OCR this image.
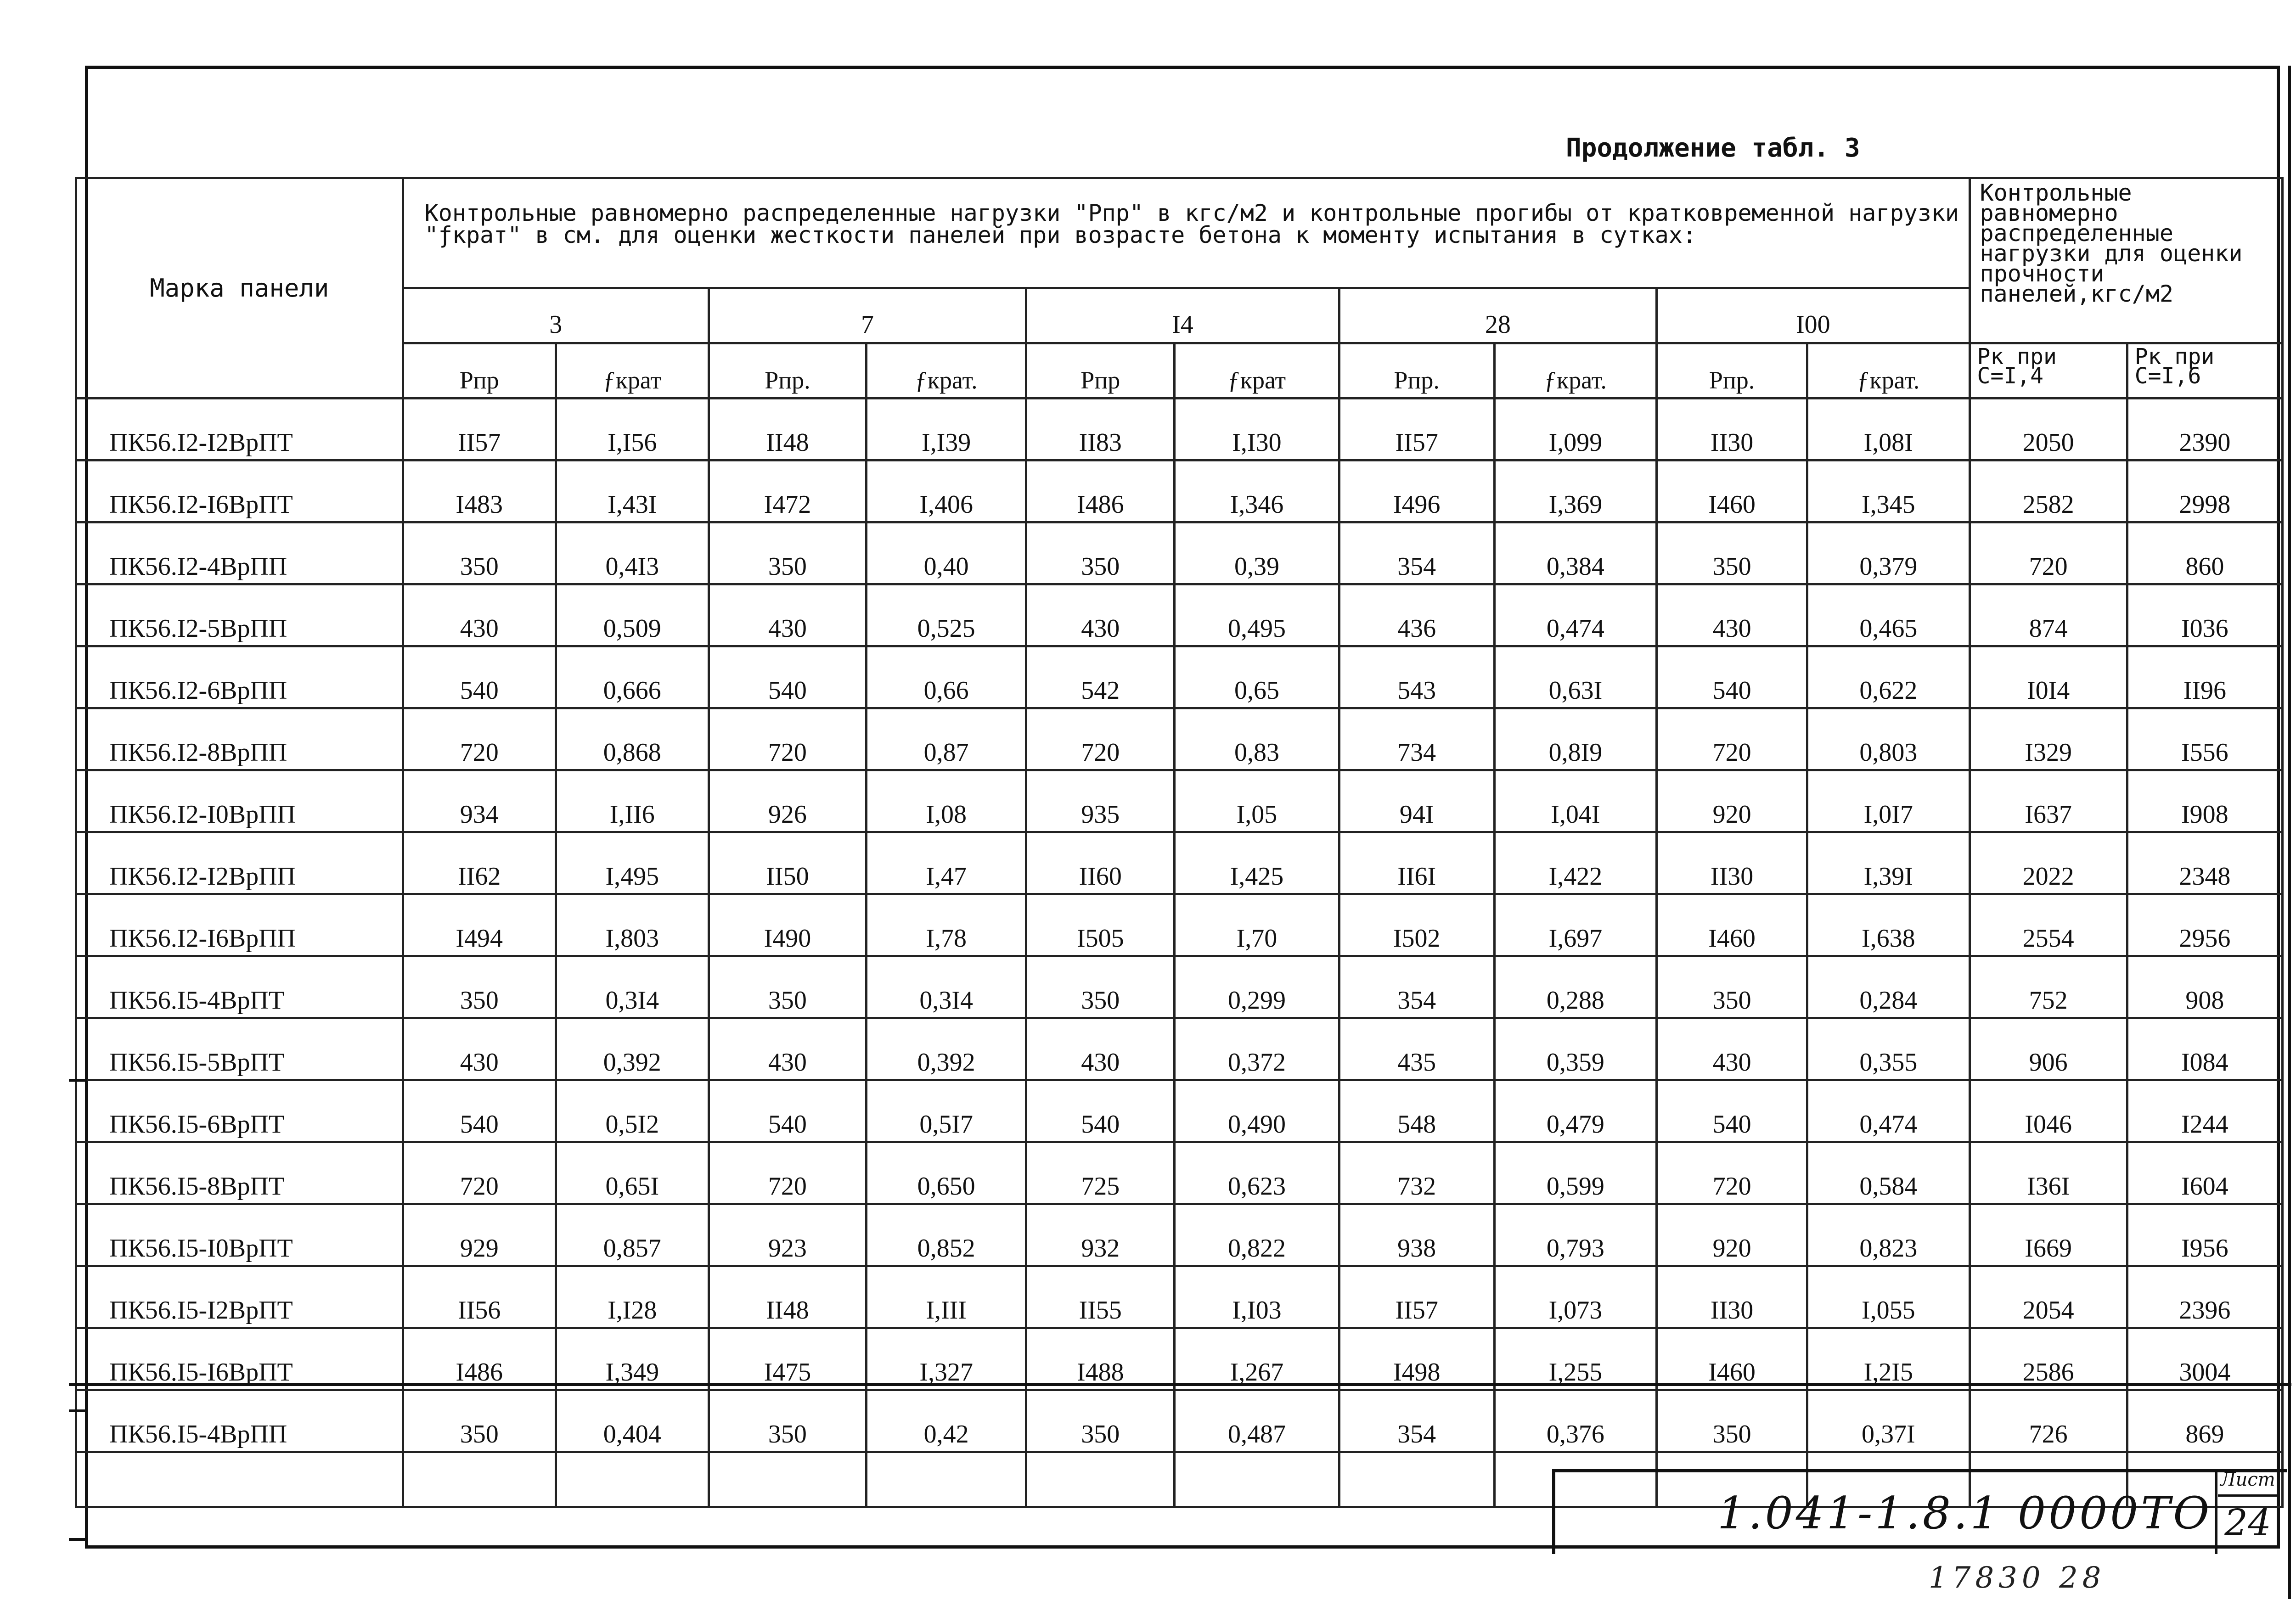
Продолжение табл. 3
Марка панели	Контрольные равномерно распределенные нагрузки "Рпр" в кгс/м2 и контрольные прогибы от кратковременной нагрузки "ƒкрат" в см. для оценки жесткости панелей при возрасте бетона к моменту испытания в сутках:										Контрольные равномерно распределенные нагрузки для оценки прочности панелей,кгс/м2	
	3		7		I4		28		I00			
	Рпр	ƒкрат	Рпр.	ƒкрат.	Рпр	ƒкрат	Рпр.	ƒкрат.	Рпр.	ƒкрат.	Рк при С=I,4	Рк при С=I,6
ПК56.I2-I2ВрПТ	II57	I,I56	II48	I,I39	II83	I,I30	II57	I,099	II30	I,08I	2050	2390
ПК56.I2-I6ВрПТ	I483	I,43I	I472	I,406	I486	I,346	I496	I,369	I460	I,345	2582	2998
ПК56.I2-4ВрПП	350	0,4I3	350	0,40	350	0,39	354	0,384	350	0,379	720	860
ПК56.I2-5ВрПП	430	0,509	430	0,525	430	0,495	436	0,474	430	0,465	874	I036
ПК56.I2-6ВрПП	540	0,666	540	0,66	542	0,65	543	0,63I	540	0,622	I0I4	II96
ПК56.I2-8ВрПП	720	0,868	720	0,87	720	0,83	734	0,8I9	720	0,803	I329	I556
ПК56.I2-I0ВрПП	934	I,II6	926	I,08	935	I,05	94I	I,04I	920	I,0I7	I637	I908
ПК56.I2-I2ВрПП	II62	I,495	II50	I,47	II60	I,425	II6I	I,422	II30	I,39I	2022	2348
ПК56.I2-I6ВрПП	I494	I,803	I490	I,78	I505	I,70	I502	I,697	I460	I,638	2554	2956
ПК56.I5-4ВрПТ	350	0,3I4	350	0,3I4	350	0,299	354	0,288	350	0,284	752	908
ПК56.I5-5ВрПТ	430	0,392	430	0,392	430	0,372	435	0,359	430	0,355	906	I084
ПК56.I5-6ВрПТ	540	0,5I2	540	0,5I7	540	0,490	548	0,479	540	0,474	I046	I244
ПК56.I5-8ВрПТ	720	0,65I	720	0,650	725	0,623	732	0,599	720	0,584	I36I	I604
ПК56.I5-I0ВрПТ	929	0,857	923	0,852	932	0,822	938	0,793	920	0,823	I669	I956
ПК56.I5-I2ВрПТ	II56	I,I28	II48	I,III	II55	I,I03	II57	I,073	II30	I,055	2054	2396
ПК56.I5-I6ВрПТ	I486	I,349	I475	I,327	I488	I,267	I498	I,255	I460	I,2I5	2586	3004
ПК56.I5-4ВрПП	350	0,404	350	0,42	350	0,487	354	0,376	350	0,37I	726	869

1.041-1.8.1 0000ТО
Лист
24
17830 28
